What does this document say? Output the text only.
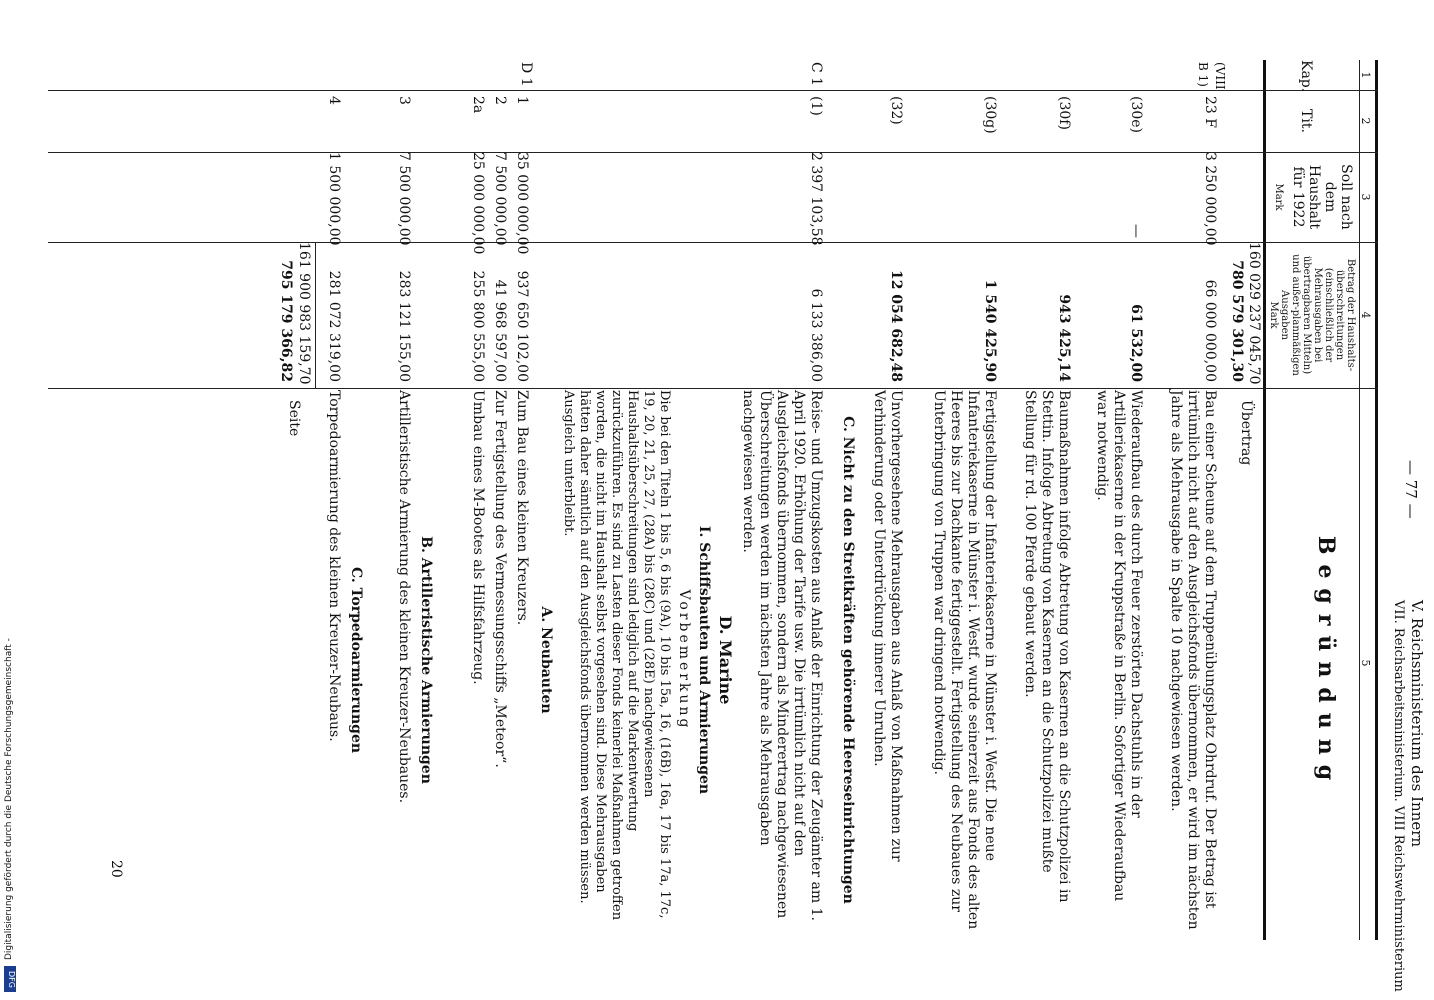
— 77 —
V. Reichsministerium des Innern
VII. Reichsarbeitsministerium. VIII Reichswehrministerium
1
2
3
4
5
Kap.
Tit.
Soll nach dem Haushalt für 1922
Mark
Betrag der Haushalts-überschreitungen (einschließlich der Mehrausgaben bei übertragbaren Mitteln) und außer-planmäßigen Ausgaben
Mark
Begründung
160 029 237 045,70
780 579 301,30
Übertrag
(VIII B 1)
23 F
3 250 000,00
66 000 000,00
Bau einer Scheune auf dem Truppenübungsplatz Ohrdruf. Der Betrag ist irrtümlich nicht auf den Ausgleichsfonds übernommen, er wird im nächsten Jahre als Mehrausgabe in Spalte 10 nachgewiesen werden.
(30e)
—
61 532,00
Wiederaufbau des durch Feuer zerstörten Dachstuhls in der Artilleriekaserne in der Kruppstraße in Berlin. Sofortiger Wiederaufbau war notwendig.
(30f)
943 425,14
Baumaßnahmen infolge Abtretung von Kasernen an die Schutzpolizei in Stettin. Infolge Abtretung von Kasernen an die Schutzpolizei mußte Stellung für rd. 100 Pferde gebaut werden.
(30g)
1 540 425,90
Fertigstellung der Infanteriekaserne in Münster i. Westf. Die neue Infanteriekaserne in Münster i. Westf. wurde seinerzeit aus Fonds des alten Heeres bis zur Dachkante fertiggestellt. Fertigstellung des Neubaues zur Unterbringung von Truppen war dringend notwendig.
(32)
12 054 682,48
Unvorhergesehene Mehrausgaben aus Anlaß von Maßnahmen zur Verhinderung oder Unterdrückung innerer Unruhen.
C. Nicht zu den Streitkräften gehörende Heereseinrichtungen
C 1
(1)
2 397 103,58
6 133 386,00
Reise- und Umzugskosten aus Anlaß der Einrichtung der Zeugämter am 1. April 1920. Erhöhung der Tarife usw. Die irrtümlich nicht auf den Ausgleichsfonds übernommen, sondern als Minderertrag nachgewiesenen Überschreitungen werden im nächsten Jahre als Mehrausgaben nachgewiesen werden.
D. Marine
I. Schiffsbauten und Armierungen
Vorbemerkung
Die bei den Titeln 1 bis 5, 6 bis (9A), 10 bis 15a, 16, (16B), 16a, 17 bis 17a, 17c, 19, 20, 21, 25, 27, (28A) bis (28C) und (28E) nachgewiesenen Haushaltsüberschreitungen sind lediglich auf die Markentwertung zurückzuführen. Es sind zu Lasten dieser Fonds keinerlei Maßnahmen getroffen worden, die nicht im Haushalt selbst vorgesehen sind. Diese Mehrausgaben hätten daher sämtlich auf den Ausgleichsfonds übernommen werden müssen. Ausgleich unterbleibt.
D 1
A. Neubauten
1
35 000 000,00
937 650 102,00
Zum Bau eines kleinen Kreuzers.
2
7 500 000,00
41 968 597,00
Zur Fertigstellung des Vermessungsschiffs „Meteor“.
2a
25 000 000,00
255 800 555,00
Umbau eines M-Bootes als Hilfsfahrzeug.
B. Artilleristische Armierungen
3
7 500 000,00
283 121 155,00
Artilleristische Armierung des kleinen Kreuzer-Neubaues.
C. Torpedoarmierungen
4
1 500 000,00
281 072 319,00
Torpedoarmierung des kleinen Kreuzer-Neubaus.
161 900 983 159,70
795 179 366,82
Seite
20
Digitalisierung gefördert durch die Deutsche Forschungsgemeinschaft -
DFG
